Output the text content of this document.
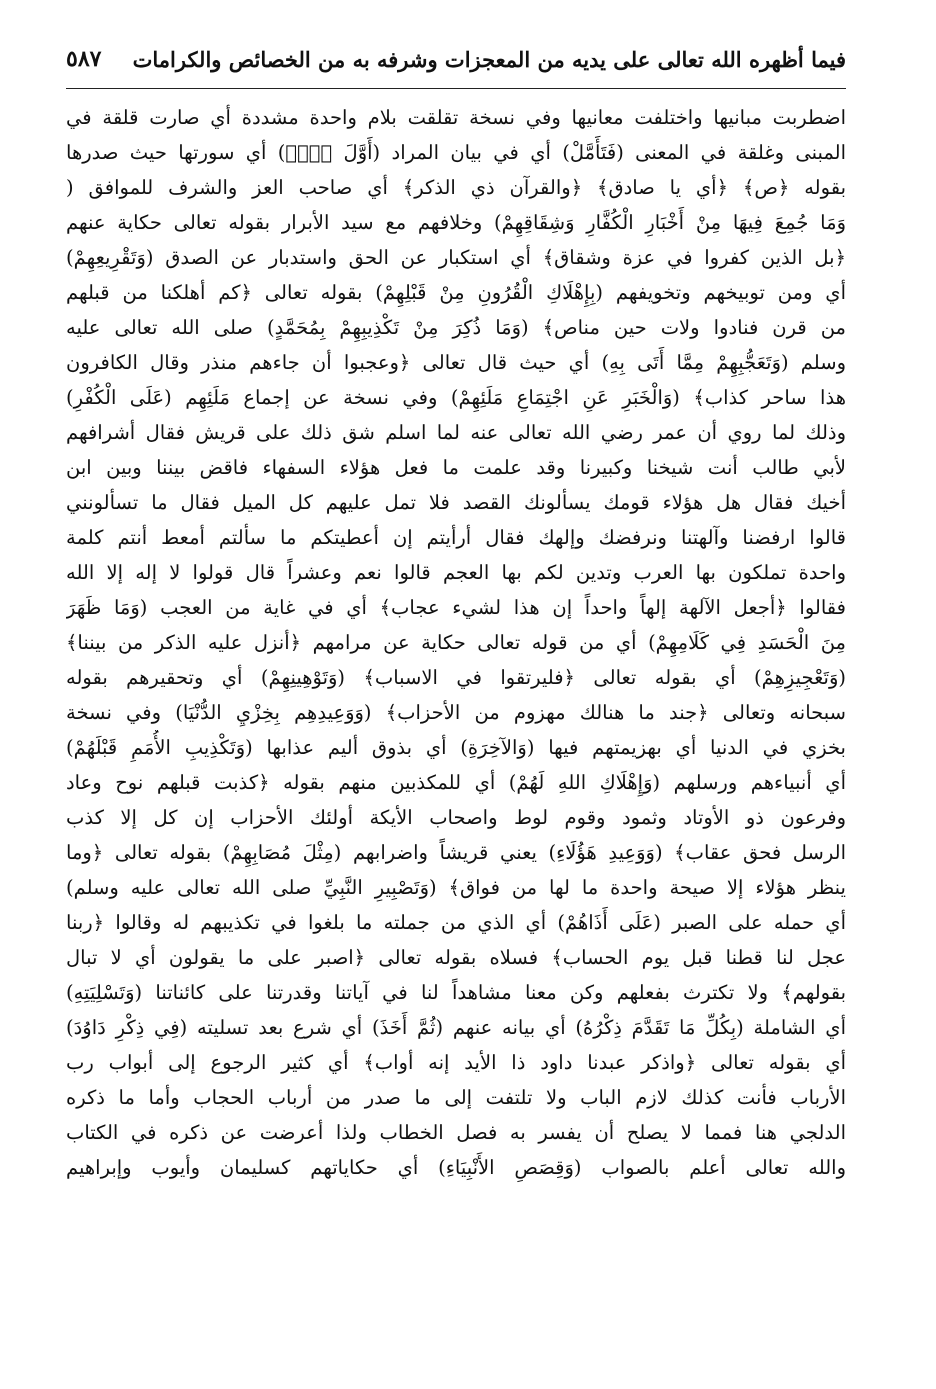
فيما أظهره الله تعالى على يديه من المعجزات وشرفه به من الخصائص والكرامات
٥٨٧
اضطربت مبانيها واختلفت معانيها وفي نسخة تقلقت بلام واحدة مشددة أي صارت قلقة في
المبنى وغلقة في المعنى (فَتَأَمَّلْ) أي في بيان المراد (أَوَّلَ ﴿صۤ﴾) أي سورتها حيث صدرها
بقوله ﴿ص﴾ ﴿أي يا صادق﴾ ﴿والقرآن ذي الذكر﴾ أي صاحب العز والشرف للموافق (
وَمَا جُمِعَ فِيهَا مِنْ أَخْبَارِ الْكُفَّارِ وَشِقَاقِهِمْ) وخلافهم مع سيد الأبرار بقوله تعالى حكاية عنهم
﴿بل الذين كفروا في عزة وشقاق﴾ أي استكبار عن الحق واستدبار عن الصدق (وَتَقْرِيعِهِمْ)
أي ومن توبيخهم وتخويفهم (بِإِهْلَاكِ الْقُرُونِ مِنْ قَبْلِهِمْ) بقوله تعالى ﴿كم أهلكنا من قبلهم
من قرن فنادوا ولات حين مناص﴾ (وَمَا ذُكِرَ مِنْ تَكْذِيبِهِمْ بِمُحَمَّدٍ) صلى الله تعالى عليه
وسلم (وَتَعَجُّبِهِمْ مِمَّا أَتَى بِهِ) أي حيث قال تعالى ﴿وعجبوا أن جاءهم منذر وقال الكافرون
هذا ساحر كذاب﴾ (وَالْخَبَرِ عَنِ اجْتِمَاعِ مَلَئِهِمْ) وفي نسخة عن إجماع مَلَئِهِم (عَلَى الْكُفْرِ)
وذلك لما روي أن عمر رضي الله تعالى عنه لما اسلم شق ذلك على قريش فقال أشرافهم
لأبي طالب أنت شيخنا وكبيرنا وقد علمت ما فعل هؤلاء السفهاء فاقض بيننا وبين ابن
أخيك فقال هل هؤلاء قومك يسألونك القصد فلا تمل عليهم كل الميل فقال ما تسألونني
قالوا ارفضنا وآلهتنا ونرفضك وإلهك فقال أرأيتم إن أعطيتكم ما سألتم أمعط أنتم كلمة
واحدة تملكون بها العرب وتدين لكم بها العجم قالوا نعم وعشراً قال قولوا لا إله إلا الله
فقالوا ﴿أجعل الآلهة إلهاً واحداً إن هذا لشيء عجاب﴾ أي في غاية من العجب (وَمَا ظَهَرَ
مِنَ الْحَسَدِ فِي كَلَامِهِمْ) أي من قوله تعالى حكاية عن مرامهم ﴿أنزل عليه الذكر من بيننا﴾
(وَتَعْجِيزِهِمْ) أي بقوله تعالى ﴿فليرتقوا في الاسباب﴾ (وَتَوْهِينِهِمْ) أي وتحقيرهم بقوله
سبحانه وتعالى ﴿جند ما هنالك مهزوم من الأحزاب﴾ (وَوَعِيدِهِم بِخِزْيِ الدُّنْيَا) وفي نسخة
بخزي في الدنيا أي بهزيمتهم فيها (وَالآخِرَةِ) أي بذوق أليم عذابها (وَتَكْذِيبِ الأُمَمِ قَبْلَهُمْ)
أي أنبياءهم ورسلهم (وَإِهْلَاكِ اللهِ لَهُمْ) أي للمكذبين منهم بقوله ﴿كذبت قبلهم نوح وعاد
وفرعون ذو الأوتاد وثمود وقوم لوط واصحاب الأيكة أولئك الأحزاب إن كل إلا كذب
الرسل فحق عقاب﴾ (وَوَعِيدِ هَؤُلَاءِ) يعني قريشاً واضرابهم (مِثْلَ مُصَابِهِمْ) بقوله تعالى ﴿وما
ينظر هؤلاء إلا صيحة واحدة ما لها من فواق﴾ (وَتَصْبِيرِ النَّبِيِّ صلى الله تعالى عليه وسلم)
أي حمله على الصبر (عَلَى أَذَاهُمْ) أي الذي من جملته ما بلغوا في تكذيبهم له وقالوا ﴿ربنا
عجل لنا قطنا قبل يوم الحساب﴾ فسلاه بقوله تعالى ﴿اصبر على ما يقولون أي لا تبال
بقولهم﴾ ولا تكترث بفعلهم وكن معنا مشاهداً لنا في آياتنا وقدرتنا على كائناتنا (وَتَسْلِيَتِهِ)
أي الشاملة (بِكُلِّ مَا تَقَدَّمَ ذِكْرُهُ) أي بيانه عنهم (ثُمَّ أَخَذَ) أي شرع بعد تسليته (فِي ذِكْرِ دَاوُدَ)
أي بقوله تعالى ﴿واذكر عبدنا داود ذا الأيد إنه أواب﴾ أي كثير الرجوع إلى أبواب رب
الأرباب فأنت كذلك لازم الباب ولا تلتفت إلى ما صدر من أرباب الحجاب وأما ما ذكره
الدلجي هنا فمما لا يصلح أن يفسر به فصل الخطاب ولذا أعرضت عن ذكره في الكتاب
والله تعالى أعلم بالصواب (وَقِصَصِ الأَنْبِيَاءِ) أي حكاياتهم كسليمان وأيوب وإبراهيم
